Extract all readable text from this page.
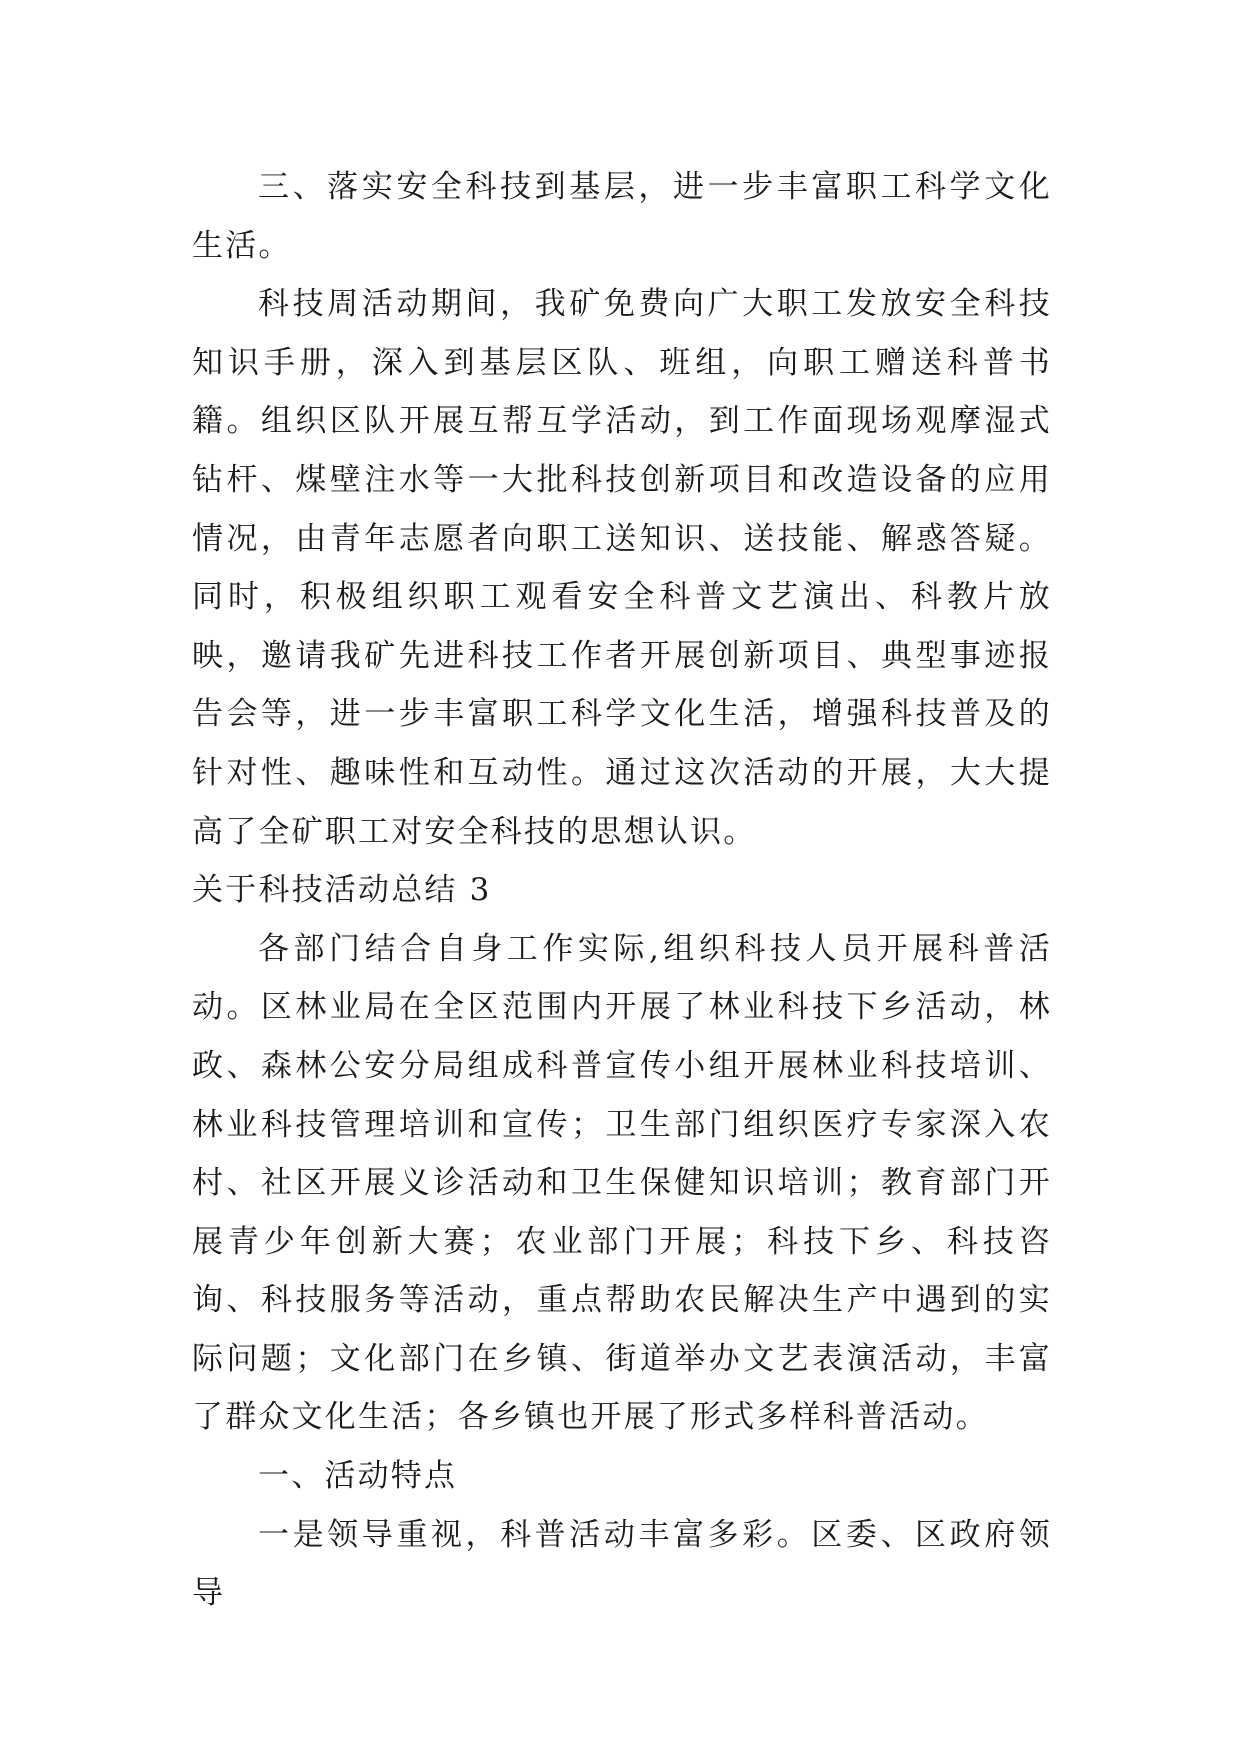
三、落实安全科技到基层，进一步丰富职工科学文化生活。

科技周活动期间，我矿免费向广大职工发放安全科技知识手册，深入到基层区队、班组，向职工赠送科普书籍。组织区队开展互帮互学活动，到工作面现场观摩湿式钻杆、煤壁注水等一大批科技创新项目和改造设备的应用情况，由青年志愿者向职工送知识、送技能、解惑答疑。同时，积极组织职工观看安全科普文艺演出、科教片放映，邀请我矿先进科技工作者开展创新项目、典型事迹报告会等，进一步丰富职工科学文化生活，增强科技普及的针对性、趣味性和互动性。通过这次活动的开展，大大提高了全矿职工对安全科技的思想认识。

关于科技活动总结 3

各部门结合自身工作实际,组织科技人员开展科普活动。区林业局在全区范围内开展了林业科技下乡活动，林政、森林公安分局组成科普宣传小组开展林业科技培训、林业科技管理培训和宣传；卫生部门组织医疗专家深入农村、社区开展义诊活动和卫生保健知识培训；教育部门开展青少年创新大赛；农业部门开展；科技下乡、科技咨询、科技服务等活动，重点帮助农民解决生产中遇到的实际问题；文化部门在乡镇、街道举办文艺表演活动，丰富了群众文化生活；各乡镇也开展了形式多样科普活动。

一、活动特点

一是领导重视，科普活动丰富多彩。区委、区政府领导
